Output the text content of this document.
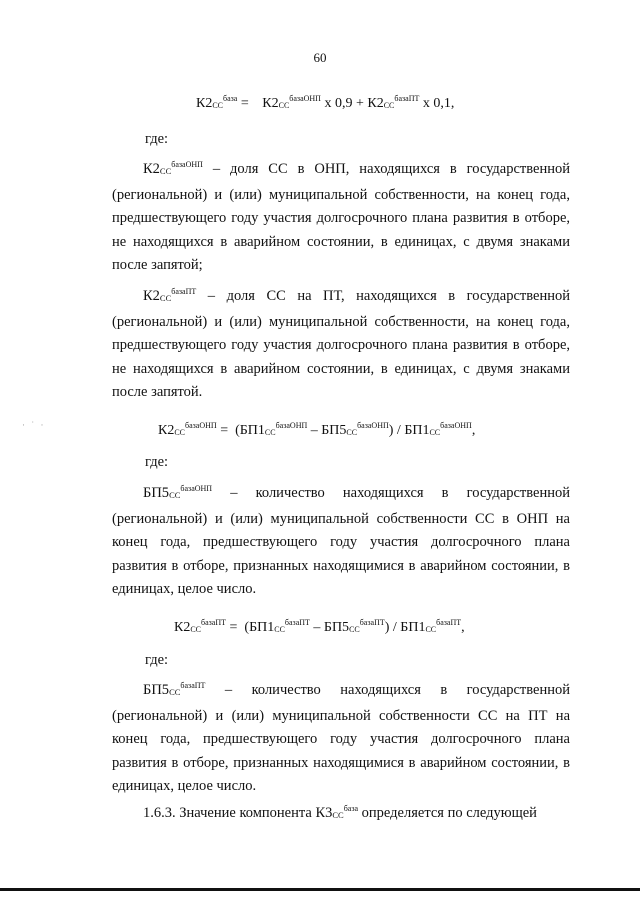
60
· ˙ ·
$К2_{СС}^{база} = К2_{СС}^{базаОНП}$ х $0,9 + К2_{СС}^{базаПТ}$ х 0,1,
где:
$К2_{СС}^{базаОНП}$ – доля СС в ОНП, находящихся в государственной (региональной) и (или) муниципальной собственности, на конец года, предшествующего году участия долгосрочного плана развития в отборе, не находящихся в аварийном состоянии, в единицах, с двумя знаками после запятой;
$К2_{СС}^{базаПТ}$ – доля СС на ПТ, находящихся в государственной (региональной) и (или) муниципальной собственности, на конец года, предшествующего году участия долгосрочного плана развития в отборе, не находящихся в аварийном состоянии, в единицах, с двумя знаками после запятой.
$К2_{СС}^{базаОНП} = (БП1_{СС}^{базаОНП} - БП5_{СС}^{базаОНП}) / БП1_{СС}^{базаОНП}$,
где:
$БП5_{СС}^{базаОНП}$ – количество находящихся в государственной (региональной) и (или) муниципальной собственности СС в ОНП на конец года, предшествующего году участия долгосрочного плана развития в отборе, признанных находящимися в аварийном состоянии, в единицах, целое число.
$К2_{СС}^{базаПТ} = (БП1_{СС}^{базаПТ} - БП5_{СС}^{базаПТ}) / БП1_{СС}^{базаПТ}$,
где:
$БП5_{СС}^{базаПТ}$ – количество находящихся в государственной (региональной) и (или) муниципальной собственности СС на ПТ на конец года, предшествующего году участия долгосрочного плана развития в отборе, признанных находящимися в аварийном состоянии, в единицах, целое число.
1.6.3. Значение компонента $К3_{СС}^{база}$ определяется по следующей
